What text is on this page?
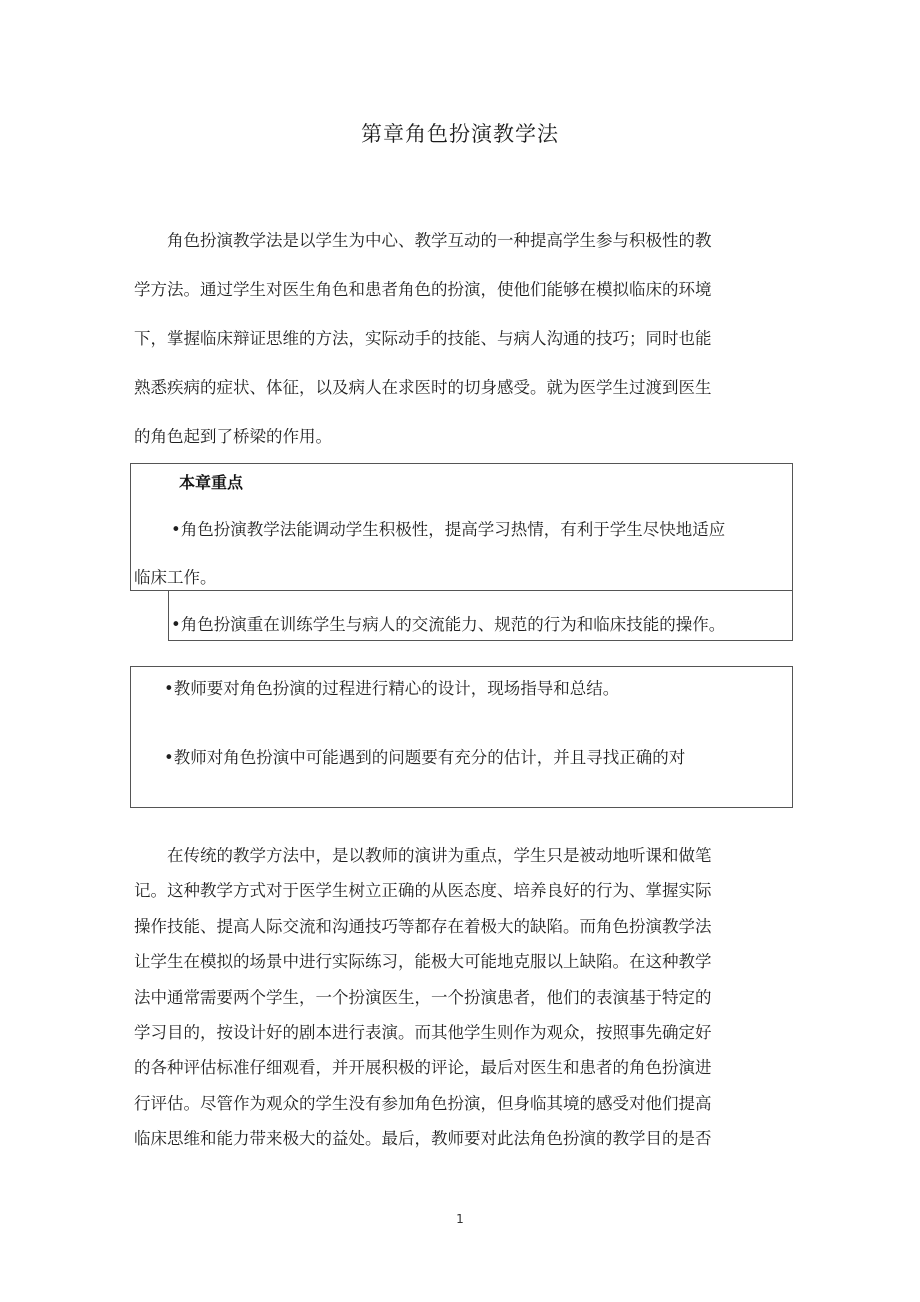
第章角色扮演教学法
角色扮演教学法是以学生为中心、教学互动的一种提高学生参与积极性的教
学方法。通过学生对医生角色和患者角色的扮演，使他们能够在模拟临床的环境
下，掌握临床辩证思维的方法，实际动手的技能、与病人沟通的技巧；同时也能
熟悉疾病的症状、体征，以及病人在求医时的切身感受。就为医学生过渡到医生
的角色起到了桥梁的作用。
本章重点
•角色扮演教学法能调动学生积极性，提高学习热情，有利于学生尽快地适应
临床工作。
•角色扮演重在训练学生与病人的交流能力、规范的行为和临床技能的操作。
•教师要对角色扮演的过程进行精心的设计，现场指导和总结。
•教师对角色扮演中可能遇到的问题要有充分的估计，并且寻找正确的对
在传统的教学方法中，是以教师的演讲为重点，学生只是被动地听课和做笔
记。这种教学方式对于医学生树立正确的从医态度、培养良好的行为、掌握实际
操作技能、提高人际交流和沟通技巧等都存在着极大的缺陷。而角色扮演教学法
让学生在模拟的场景中进行实际练习，能极大可能地克服以上缺陷。在这种教学
法中通常需要两个学生，一个扮演医生，一个扮演患者，他们的表演基于特定的
学习目的，按设计好的剧本进行表演。而其他学生则作为观众，按照事先确定好
的各种评估标准仔细观看，并开展积极的评论，最后对医生和患者的角色扮演进
行评估。尽管作为观众的学生没有参加角色扮演，但身临其境的感受对他们提高
临床思维和能力带来极大的益处。最后，教师要对此法角色扮演的教学目的是否
1
